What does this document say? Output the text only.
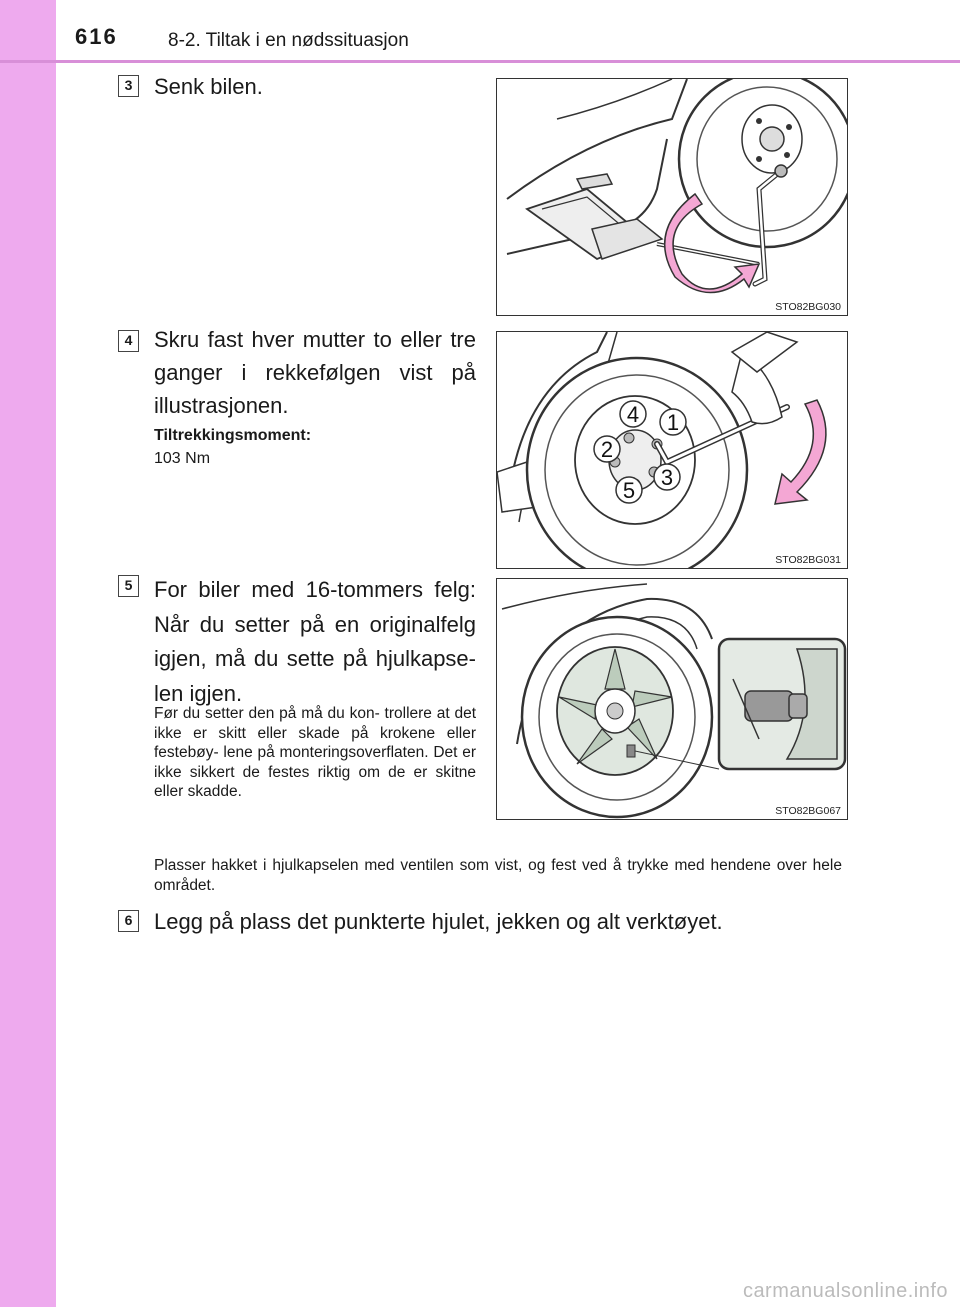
616	8-2. Tiltak i en nødssituasjon
3 Senk bilen.
STO82BG030
4 Skru fast hver mutter to eller tre ganger i rekkefølgen vist på illustrasjonen.
Tiltrekkingsmoment:
103 Nm
1
2
3
4
5
STO82BG031
5 For biler med 16-tommers felg: Når du setter på en originalfelg igjen, må du sette på hjulkapse- len igjen.
Før du setter den på må du kon- trollere at det ikke er skitt eller skade på krokene eller festebøy- lene på monteringsoverflaten. Det er ikke sikkert de festes riktig om de er skitne eller skadde.
Plasser hakket i hjulkapselen med ventilen som vist, og fest ved å trykke med hendene over hele området.
STO82BG067
6 Legg på plass det punkterte hjulet, jekken og alt verktøyet.
carmanualsonline.info
